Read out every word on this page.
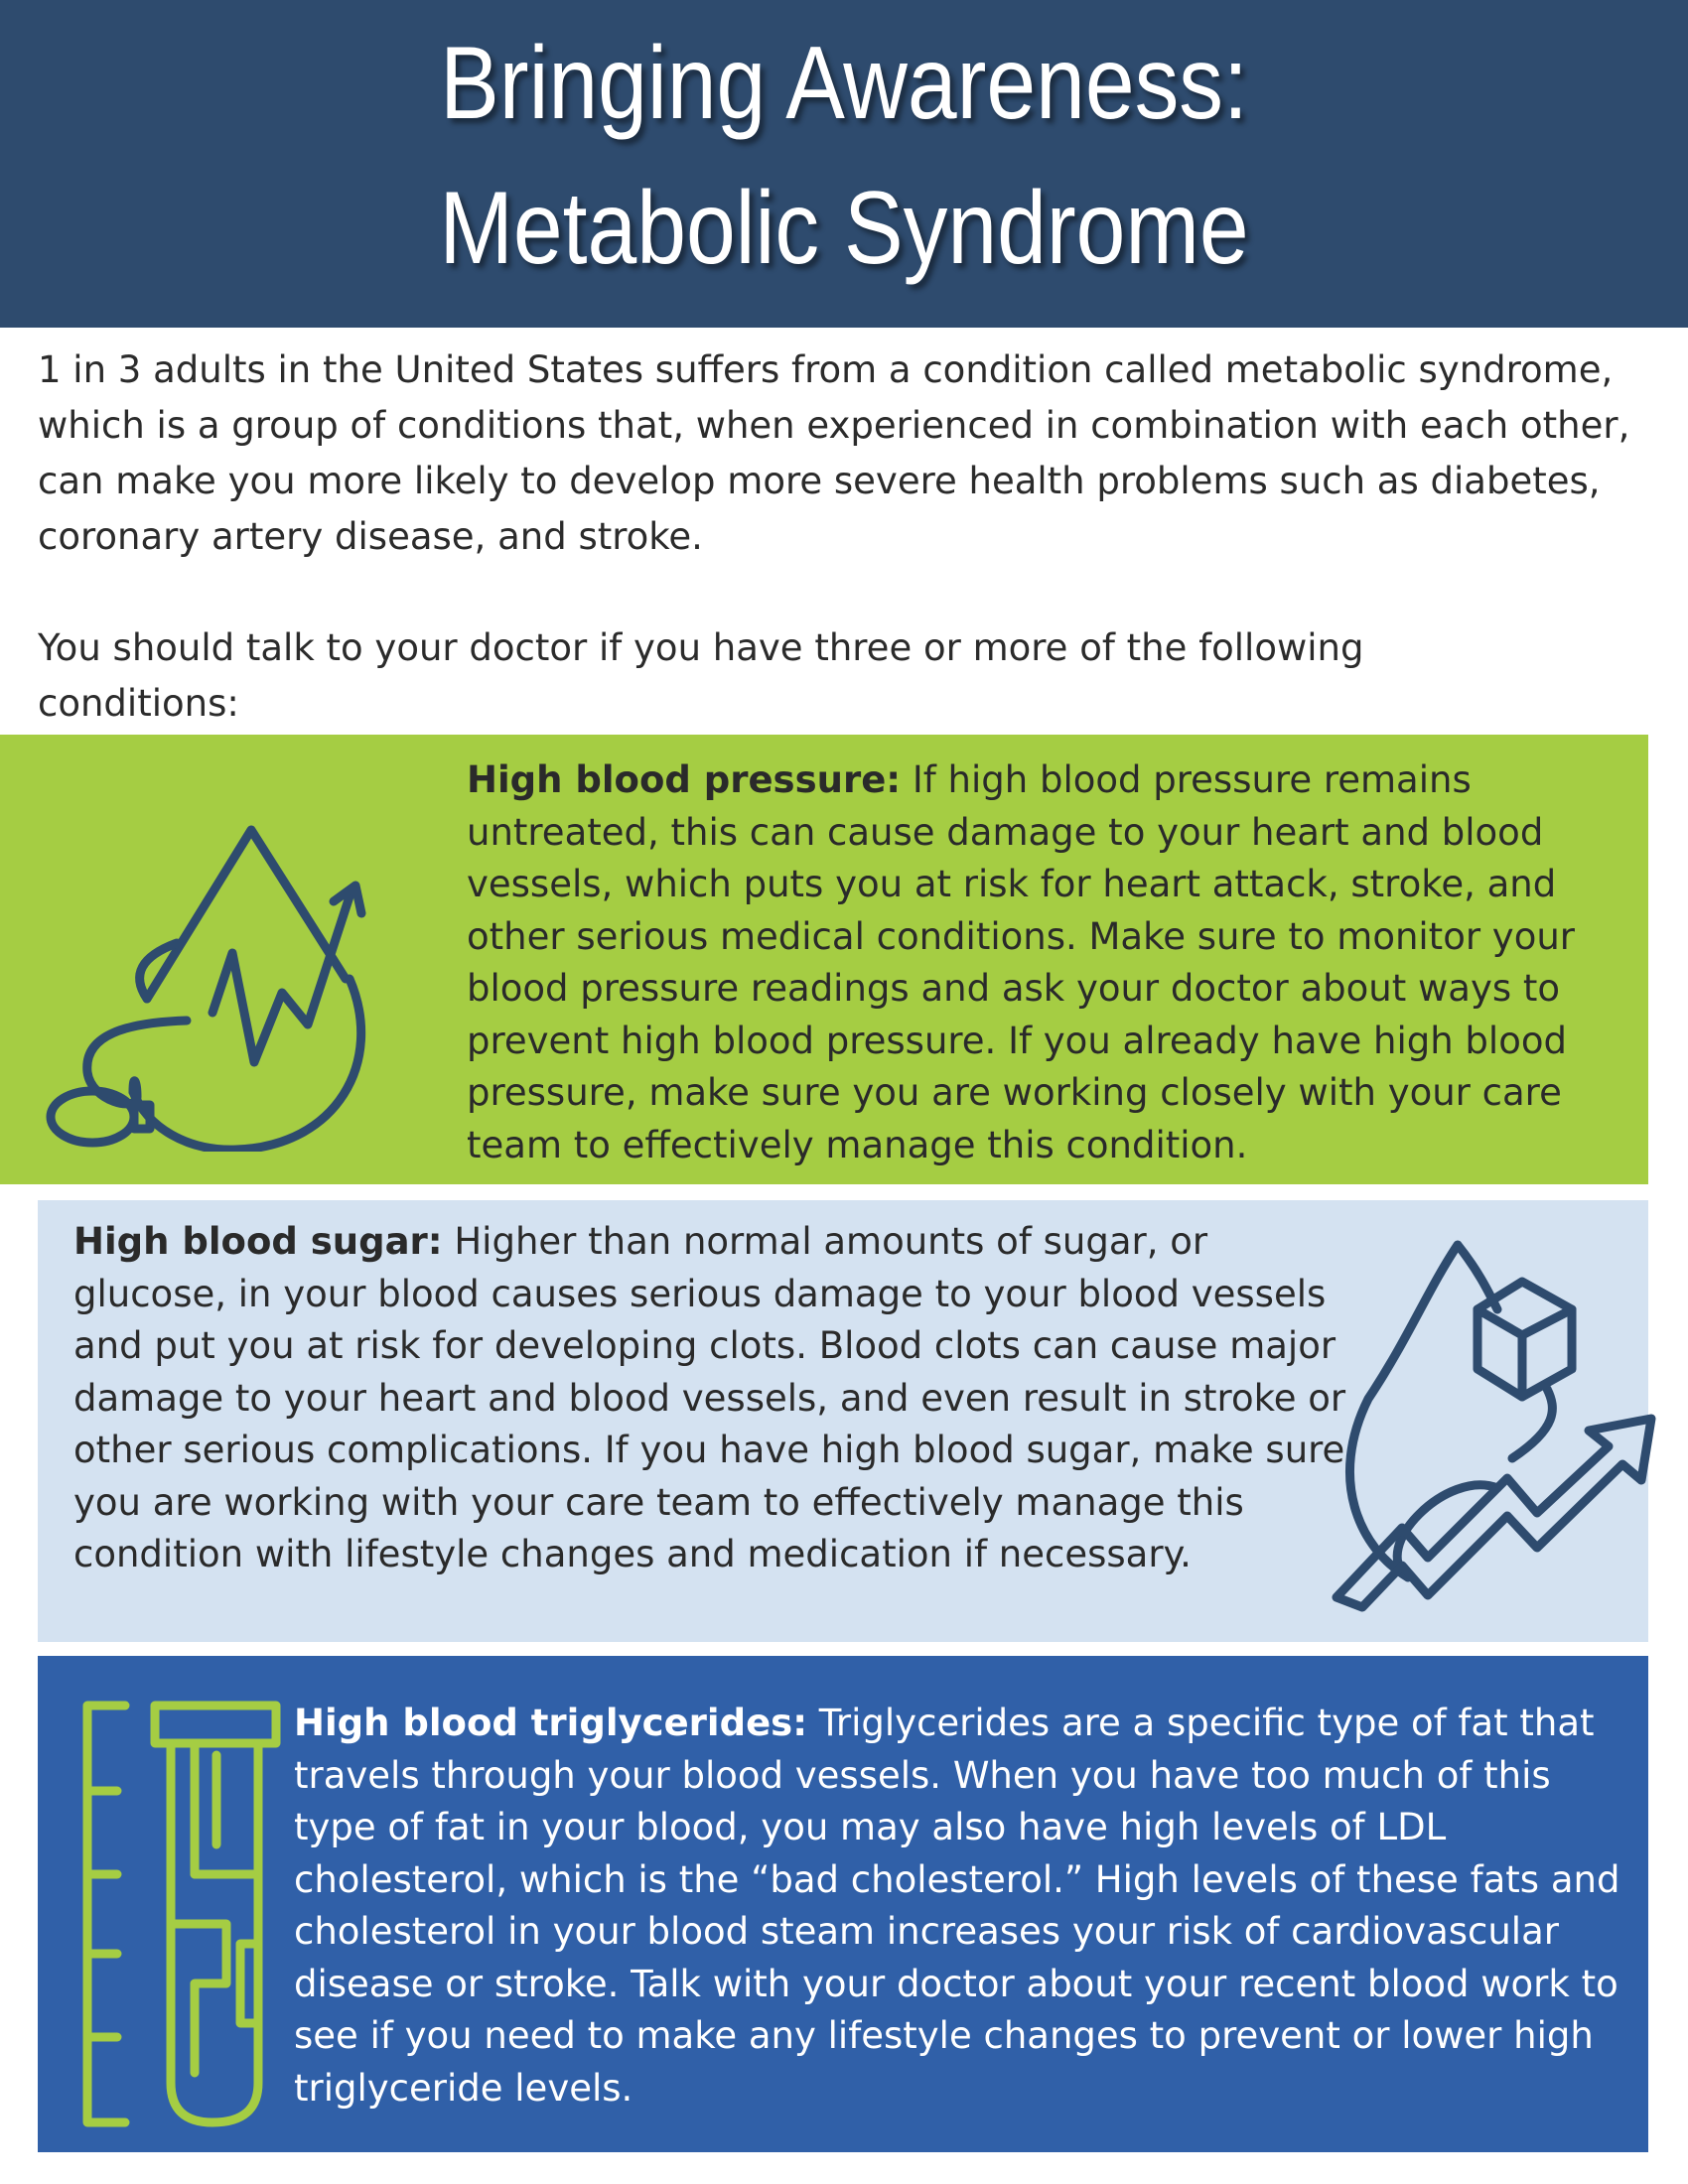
Bringing Awareness:
Metabolic Syndrome

1 in 3 adults in the United States suffers from a condition called metabolic syndrome, which is a group of conditions that, when experienced in combination with each other, can make you more likely to develop more severe health problems such as diabetes, coronary artery disease, and stroke.

You should talk to your doctor if you have three or more of the following conditions:

High blood pressure: If high blood pressure remains untreated, this can cause damage to your heart and blood vessels, which puts you at risk for heart attack, stroke, and other serious medical conditions. Make sure to monitor your blood pressure readings and ask your doctor about ways to prevent high blood pressure. If you already have high blood pressure, make sure you are working closely with your care team to effectively manage this condition.

High blood sugar: Higher than normal amounts of sugar, or glucose, in your blood causes serious damage to your blood vessels and put you at risk for developing clots. Blood clots can cause major damage to your heart and blood vessels, and even result in stroke or other serious complications. If you have high blood sugar, make sure you are working with your care team to effectively manage this condition with lifestyle changes and medication if necessary.

High blood triglycerides: Triglycerides are a specific type of fat that travels through your blood vessels. When you have too much of this type of fat in your blood, you may also have high levels of LDL cholesterol, which is the “bad cholesterol.” High levels of these fats and cholesterol in your blood steam increases your risk of cardiovascular disease or stroke. Talk with your doctor about your recent blood work to see if you need to make any lifestyle changes to prevent or lower high triglyceride levels.
